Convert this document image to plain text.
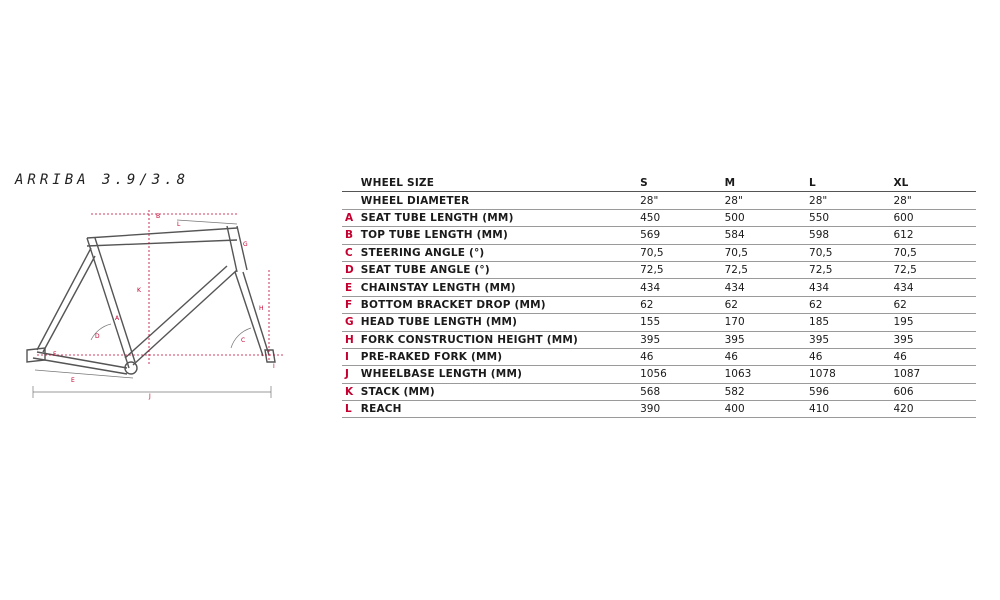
ARRIBA 3.9/3.8
B
L
G
K
A
H
D
C
F
I
E
J
	WHEEL SIZE	S	M	L	XL
	WHEEL DIAMETER	28"	28"	28"	28"
A	SEAT TUBE LENGTH (MM)	450	500	550	600
B	TOP TUBE LENGTH (MM)	569	584	598	612
C	STEERING ANGLE (°)	70,5	70,5	70,5	70,5
D	SEAT TUBE ANGLE (°)	72,5	72,5	72,5	72,5
E	CHAINSTAY LENGTH (MM)	434	434	434	434
F	BOTTOM BRACKET DROP (MM)	62	62	62	62
G	HEAD TUBE LENGTH (MM)	155	170	185	195
H	FORK CONSTRUCTION HEIGHT (MM)	395	395	395	395
I	PRE-RAKED FORK (MM)	46	46	46	46
J	WHEELBASE LENGTH (MM)	1056	1063	1078	1087
K	STACK (MM)	568	582	596	606
L	REACH	390	400	410	420
